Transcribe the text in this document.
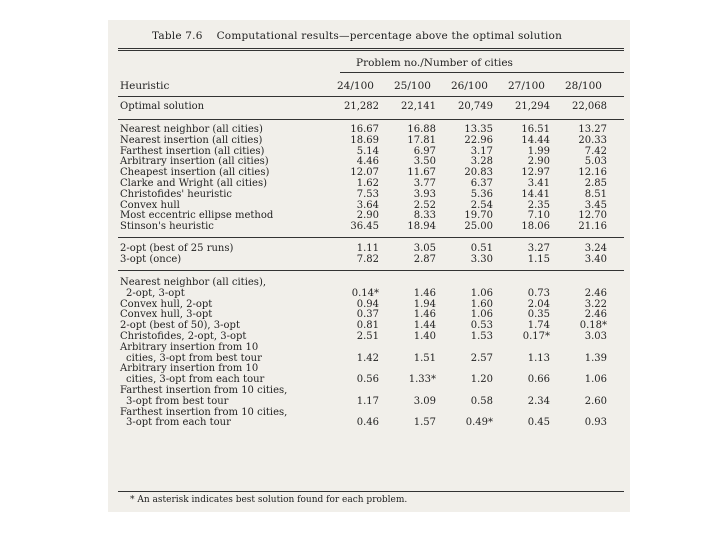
Table 7.6 Computational results—percentage above the optimal solution
Problem no./Number of cities
Heuristic	24/100 25/100 26/100 27/100 28/100
Optimal solution	21,282	22,141	20,749	21,294	22,068
Nearest neighbor (all cities)	16.67	16.88	13.35	16.51	13.27
Nearest insertion (all cities)	18.69	17.81	22.96	14.44	20.33
Farthest insertion (all cities)	5.14	6.97	3.17	1.99	7.42
Arbitrary insertion (all cities)	4.46	3.50	3.28	2.90	5.03
Cheapest insertion (all cities)	12.07	11.67	20.83	12.97	12.16
Clarke and Wright (all cities)	1.62	3.77	6.37	3.41	2.85
Christofides' heuristic	7.53	3.93	5.36	14.41	8.51
Convex hull	3.64	2.52	2.54	2.35	3.45
Most eccentric ellipse method	2.90	8.33	19.70	7.10	12.70
Stinson's heuristic	36.45	18.94	25.00	18.06	21.16
2-opt (best of 25 runs)	1.11	3.05	0.51	3.27	3.24
3-opt (once)	7.82	2.87	3.30	1.15	3.40
Nearest neighbor (all cities),
2-opt, 3-opt	0.14*	1.46	1.06	0.73	2.46
Convex hull, 2-opt	0.94	1.94	1.60	2.04	3.22
Convex hull, 3-opt	0.37	1.46	1.06	0.35	2.46
2-opt (best of 50), 3-opt	0.81	1.44	0.53	1.74	0.18*
Christofides, 2-opt, 3-opt	2.51	1.40	1.53	0.17*	3.03
Arbitrary insertion from 10
cities, 3-opt from best tour	1.42	1.51	2.57	1.13	1.39
Arbitrary insertion from 10
cities, 3-opt from each tour	0.56	1.33*	1.20	0.66	1.06
Farthest insertion from 10 cities,
3-opt from best tour	1.17	3.09	0.58	2.34	2.60
Farthest insertion from 10 cities,
3-opt from each tour	0.46	1.57	0.49*	0.45	0.93
* An asterisk indicates best solution found for each problem.
